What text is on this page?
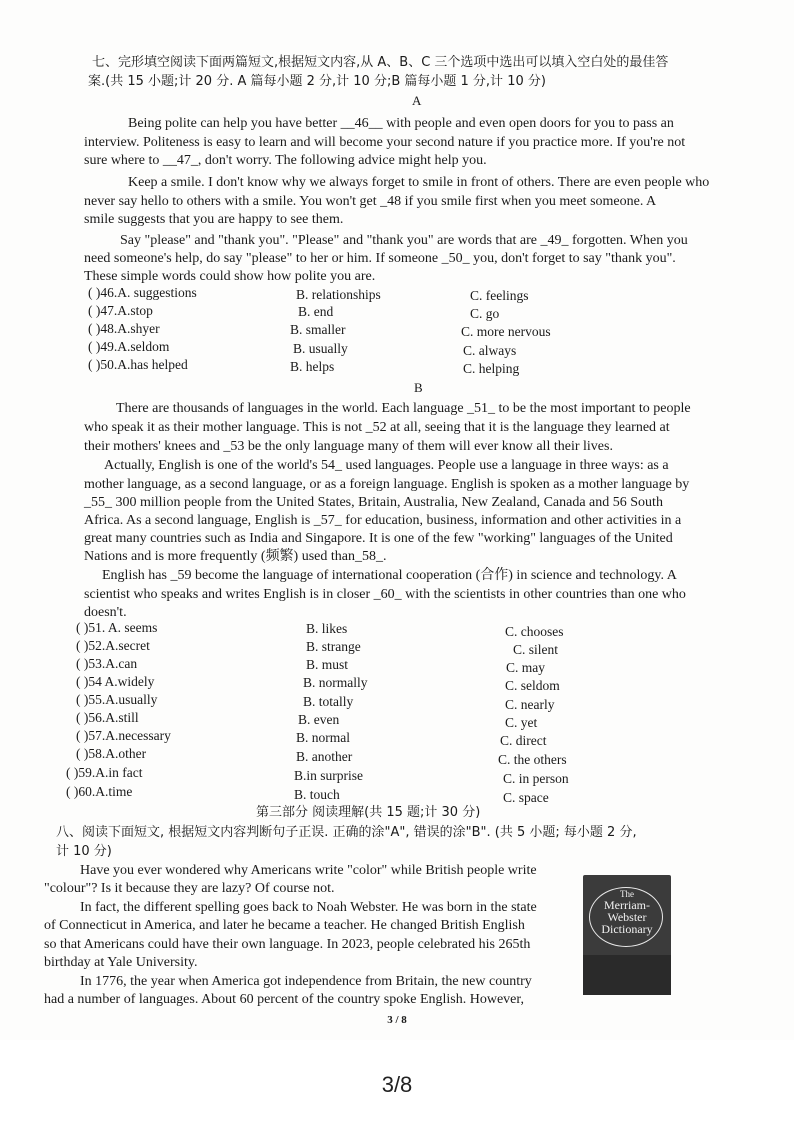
七、完形填空阅读下面两篇短文,根据短文内容,从 A、B、C 三个选项中选出可以填入空白处的最佳答
案.(共 15 小题;计 20 分. A 篇每小题 2 分,计 10 分;B 篇每小题 1 分,计 10 分)
A
Being polite can help you have better __46__ with people and even open doors for you to pass an
interview. Politeness is easy to learn and will become your second nature if you practice more. If you're not
sure where to __47_, don't worry. The following advice might help you.
Keep a smile. I don't know why we always forget to smile in front of others. There are even people who
never say hello to others with a smile. You won't get _48 if you smile first when you meet someone. A
smile suggests that you are happy to see them.
Say "please" and "thank you". "Please" and "thank you" are words that are _49_ forgotten. When you
need someone's help, do say "please" to her or him. If someone _50_ you, don't forget to say "thank you".
These simple words could show how polite you are.
( )46.A. suggestions	B. relationships	C. feelings
( )47.A.stop	B. end	C. go
( )48.A.shyer	B. smaller	C. more nervous
( )49.A.seldom	B. usually	C. always
( )50.A.has helped	B. helps	C. helping
B
There are thousands of languages in the world. Each language _51_ to be the most important to people
who speak it as their mother language. This is not _52 at all, seeing that it is the language they learned at
their mothers' knees and _53 be the only language many of them will ever know all their lives.
Actually, English is one of the world's 54_ used languages. People use a language in three ways: as a
mother language, as a second language, or as a foreign language. English is spoken as a mother language by
_55_ 300 million people from the United States, Britain, Australia, New Zealand, Canada and 56 South
Africa. As a second language, English is _57_ for education, business, information and other activities in a
great many countries such as India and Singapore. It is one of the few "working" languages of the United
Nations and is more frequently (频繁) used than_58_.
English has _59 become the language of international cooperation (合作) in science and technology. A
scientist who speaks and writes English is in closer _60_ with the scientists in other countries than one who
doesn't.
( )51. A. seems	B. likes	C. chooses
( )52.A.secret	B. strange	C. silent
( )53.A.can	B. must	C. may
( )54 A.widely	B. normally	C. seldom
( )55.A.usually	B. totally	C. nearly
( )56.A.still	B. even	C. yet
( )57.A.necessary	B. normal	C. direct
( )58.A.other	B. another	C. the others
( )59.A.in fact	B.in surprise	C. in person
( )60.A.time	B. touch	C. space
第三部分 阅读理解(共 15 题;计 30 分)
八、阅读下面短文, 根据短文内容判断句子正误. 正确的涂"A", 错误的涂"B". (共 5 小题; 每小题 2 分,
计 10 分)
Have you ever wondered why Americans write "color" while British people write
"colour"? Is it because they are lazy? Of course not.
In fact, the different spelling goes back to Noah Webster. He was born in the state
of Connecticut in America, and later he became a teacher. He changed British English
so that Americans could have their own language. In 2023, people celebrated his 265th
birthday at Yale University.
In 1776, the year when America got independence from Britain, the new country
had a number of languages. About 60 percent of the country spoke English. However,
The
Merriam-
Webster
Dictionary
3 / 8
3/8
